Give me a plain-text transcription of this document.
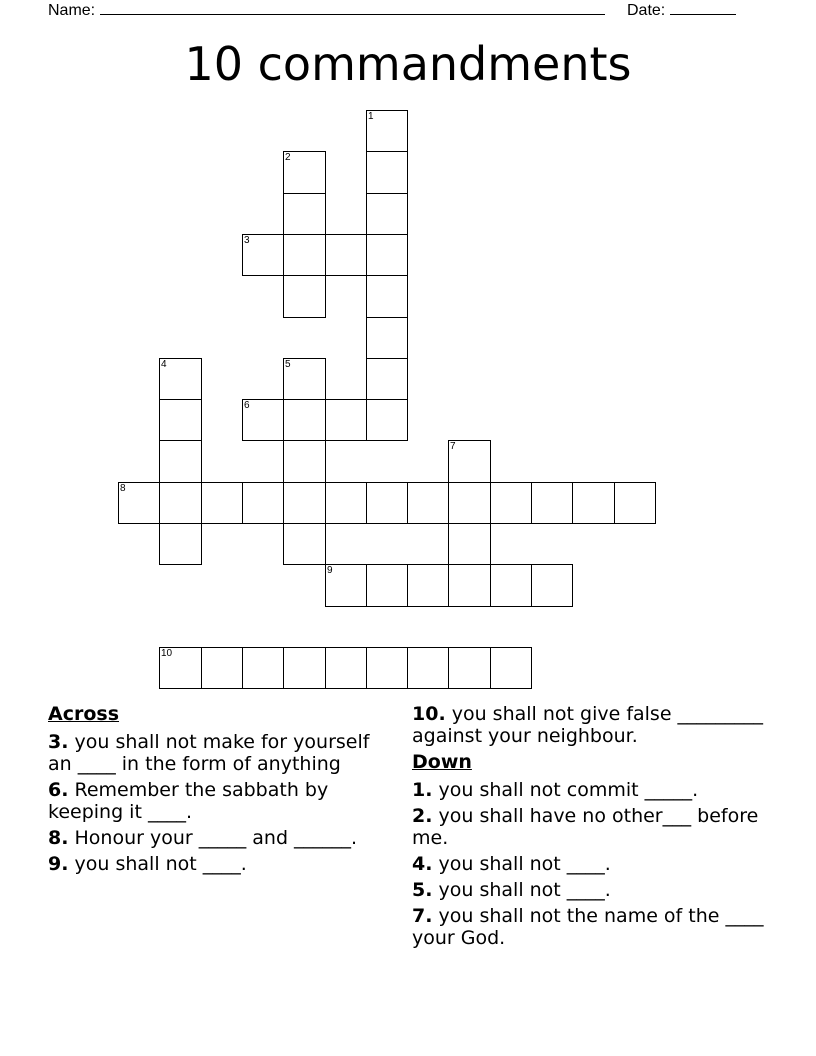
Name:	Date:
10 commandments
1
2
3
4	5
6
7
8
9
10
Across
3. you shall not make for yourself an ____ in the form of anything
6. Remember the sabbath by keeping it ____.
8. Honour your _____ and ______.
9. you shall not ____.
10. you shall not give false _________ against your neighbour.
Down
1. you shall not commit _____.
2. you shall have no other___ before me.
4. you shall not ____.
5. you shall not ____.
7. you shall not the name of the ____ your God.
